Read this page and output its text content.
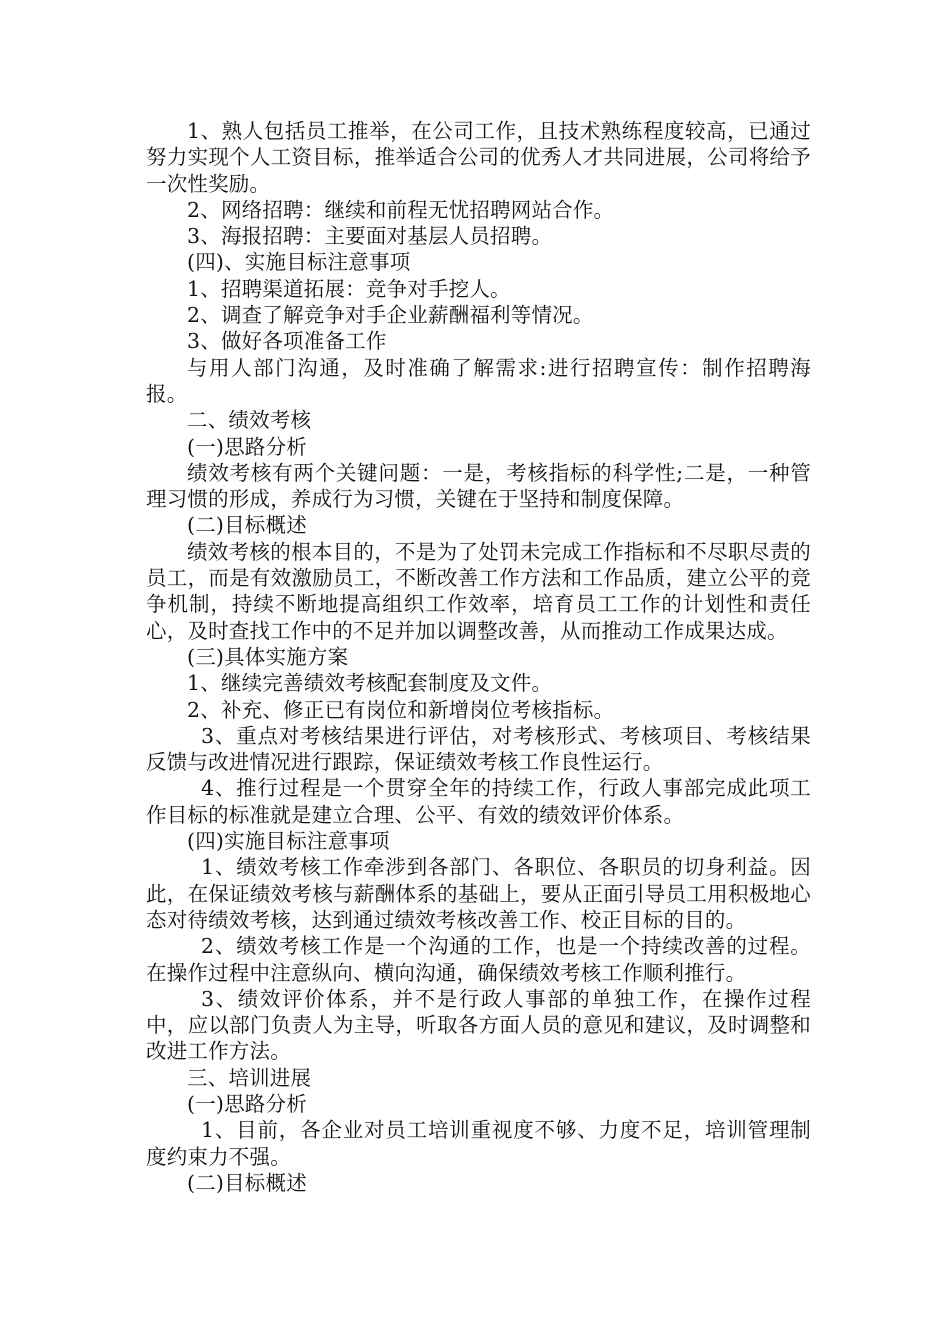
1、熟人包括员工推举，在公司工作，且技术熟练程度较高，已通过努力实现个人工资目标，推举适合公司的优秀人才共同进展，公司将给予一次性奖励。

2、网络招聘：继续和前程无忧招聘网站合作。

3、海报招聘：主要面对基层人员招聘。

(四)、实施目标注意事项

1、招聘渠道拓展：竞争对手挖人。

2、调查了解竞争对手企业薪酬福利等情况。

3、做好各项准备工作

与用人部门沟通，及时准确了解需求:进行招聘宣传：制作招聘海报。

二、绩效考核

(一)思路分析

绩效考核有两个关键问题：一是，考核指标的科学性;二是，一种管理习惯的形成，养成行为习惯，关键在于坚持和制度保障。

(二)目标概述

绩效考核的根本目的，不是为了处罚未完成工作指标和不尽职尽责的员工，而是有效激励员工，不断改善工作方法和工作品质，建立公平的竞争机制，持续不断地提高组织工作效率，培育员工工作的计划性和责任心，及时查找工作中的不足并加以调整改善，从而推动工作成果达成。

(三)具体实施方案

1、继续完善绩效考核配套制度及文件。

2、补充、修正已有岗位和新增岗位考核指标。

3、重点对考核结果进行评估，对考核形式、考核项目、考核结果反馈与改进情况进行跟踪，保证绩效考核工作良性运行。

4、推行过程是一个贯穿全年的持续工作，行政人事部完成此项工作目标的标准就是建立合理、公平、有效的绩效评价体系。

(四)实施目标注意事项

1、绩效考核工作牵涉到各部门、各职位、各职员的切身利益。因此，在保证绩效考核与薪酬体系的基础上，要从正面引导员工用积极地心态对待绩效考核，达到通过绩效考核改善工作、校正目标的目的。

2、绩效考核工作是一个沟通的工作，也是一个持续改善的过程。在操作过程中注意纵向、横向沟通，确保绩效考核工作顺利推行。

3、绩效评价体系，并不是行政人事部的单独工作，在操作过程中，应以部门负责人为主导，听取各方面人员的意见和建议，及时调整和改进工作方法。

三、培训进展

(一)思路分析

1、目前，各企业对员工培训重视度不够、力度不足，培训管理制度约束力不强。

(二)目标概述
